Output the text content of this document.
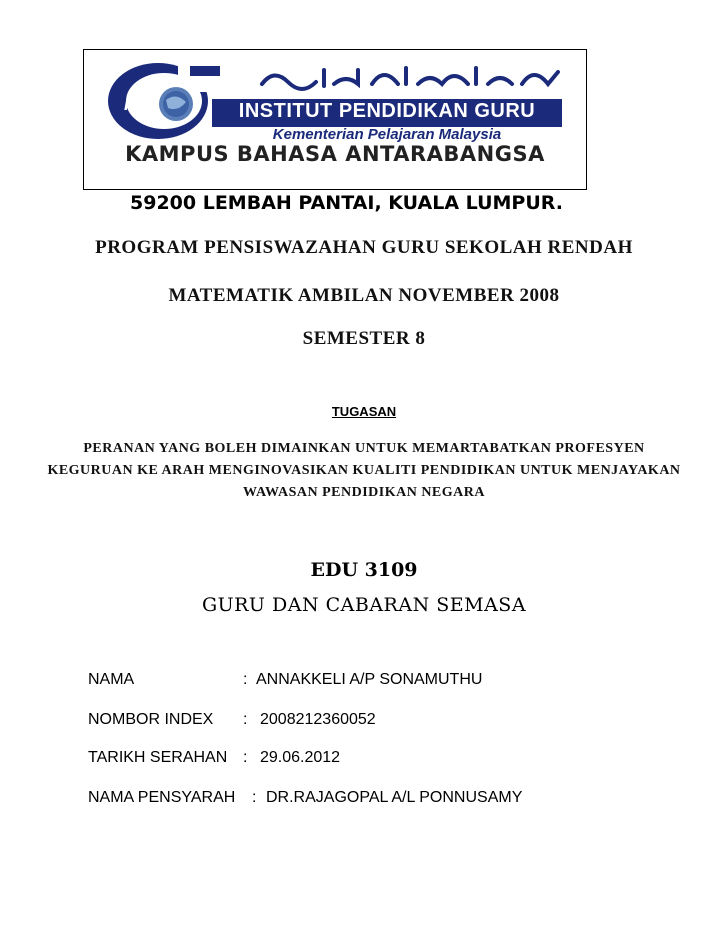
iPG	INSTITUT PENDIDIKAN GURU
Kementerian Pelajaran Malaysia
KAMPUS BAHASA ANTARABANGSA
59200 LEMBAH PANTAI, KUALA LUMPUR.
PROGRAM PENSISWAZAHAN GURU SEKOLAH RENDAH
MATEMATIK AMBILAN NOVEMBER 2008
SEMESTER 8
TUGASAN
PERANAN YANG BOLEH DIMAINKAN UNTUK MEMARTABATKAN PROFESYEN
KEGURUAN KE ARAH MENGINOVASIKAN KUALITI PENDIDIKAN UNTUK MENJAYAKAN
WAWASAN PENDIDIKAN NEGARA
EDU 3109
GURU DAN CABARAN SEMASA
NAMA	: ANNAKKELI A/P SONAMUTHU
NOMBOR INDEX : 2008212360052
TARIKH SERAHAN : 29.06.2012
NAMA PENSYARAH : DR.RAJAGOPAL A/L PONNUSAMY
